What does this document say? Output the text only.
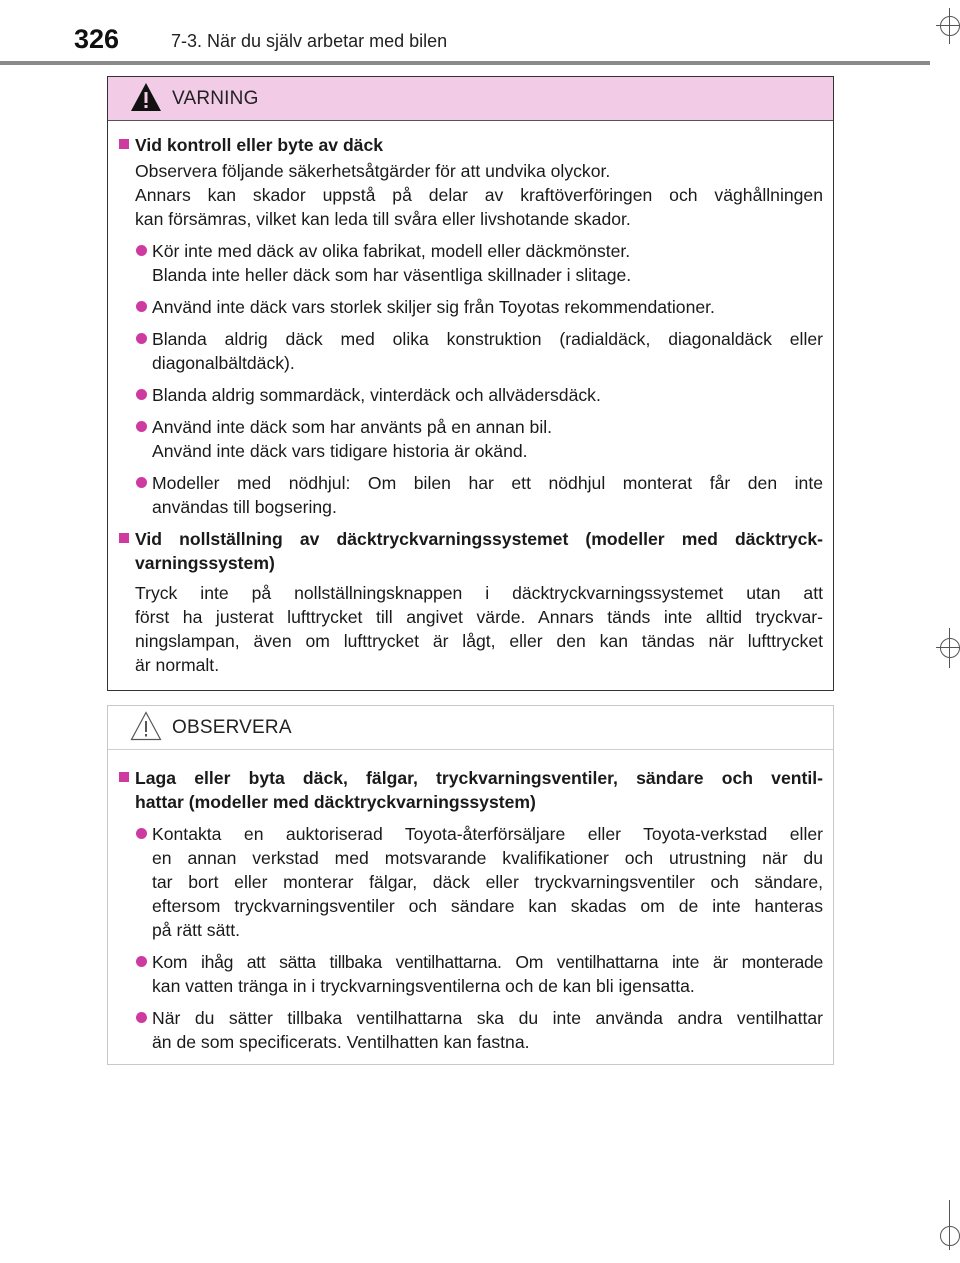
326	7-3. När du själv arbetar med bilen
VARNING
Vid kontroll eller byte av däck
Observera följande säkerhetsåtgärder för att undvika olyckor.
Annars kan skador uppstå på delar av kraftöverföringen och väghållningen
kan försämras, vilket kan leda till svåra eller livshotande skador.
Kör inte med däck av olika fabrikat, modell eller däckmönster.
Blanda inte heller däck som har väsentliga skillnader i slitage.
Använd inte däck vars storlek skiljer sig från Toyotas rekommendationer.
Blanda aldrig däck med olika konstruktion (radialdäck, diagonaldäck eller
diagonalbältdäck).
Blanda aldrig sommardäck, vinterdäck och allvädersdäck.
Använd inte däck som har använts på en annan bil.
Använd inte däck vars tidigare historia är okänd.
Modeller med nödhjul: Om bilen har ett nödhjul monterat får den inte
användas till bogsering.
Vid nollställning av däcktryckvarningssystemet (modeller med däcktryck-
varningssystem)
Tryck inte på nollställningsknappen i däcktryckvarningssystemet utan att
först ha justerat lufttrycket till angivet värde. Annars tänds inte alltid tryckvar-
ningslampan, även om lufttrycket är lågt, eller den kan tändas när lufttrycket
är normalt.
OBSERVERA
Laga eller byta däck, fälgar, tryckvarningsventiler, sändare och ventil-
hattar (modeller med däcktryckvarningssystem)
Kontakta en auktoriserad Toyota-återförsäljare eller Toyota-verkstad eller
en annan verkstad med motsvarande kvalifikationer och utrustning när du
tar bort eller monterar fälgar, däck eller tryckvarningsventiler och sändare,
eftersom tryckvarningsventiler och sändare kan skadas om de inte hanteras
på rätt sätt.
Kom ihåg att sätta tillbaka ventilhattarna. Om ventilhattarna inte är monterade
kan vatten tränga in i tryckvarningsventilerna och de kan bli igensatta.
När du sätter tillbaka ventilhattarna ska du inte använda andra ventilhattar
än de som specificerats. Ventilhatten kan fastna.
